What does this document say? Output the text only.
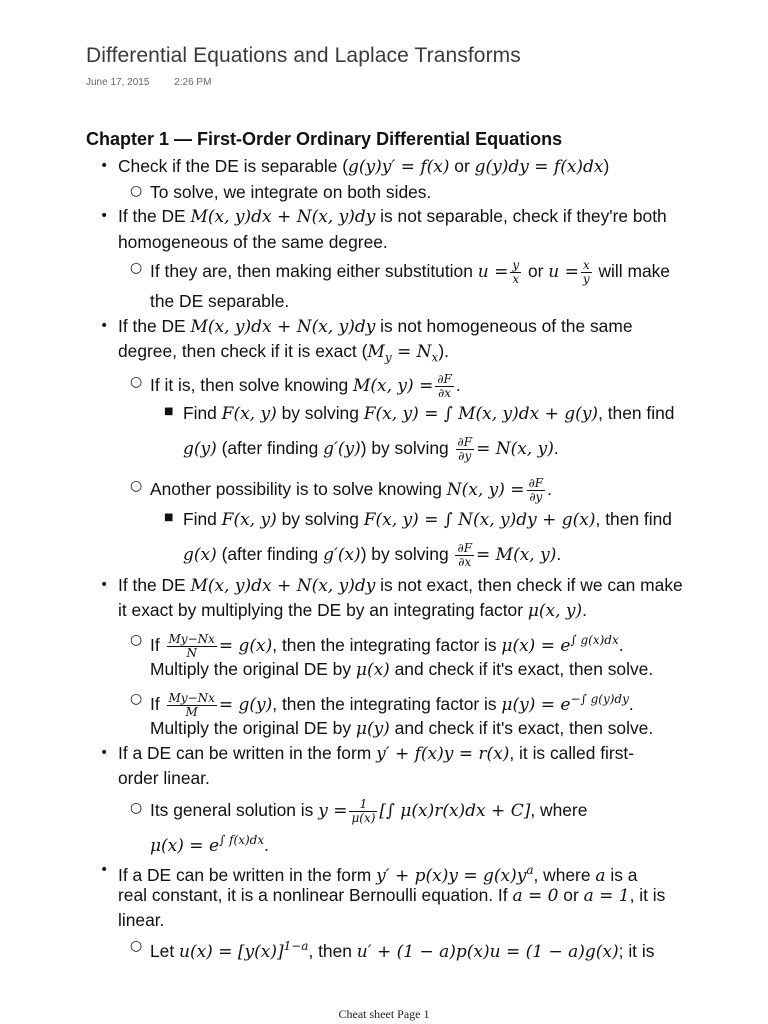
Differential Equations and Laplace Transforms
June 17, 2015 2:26 PM
Chapter 1 — First-Order Ordinary Differential Equations
• Check if the DE is separable (g(y)y′ = f(x) or g(y)dy = f(x)dx)
○ To solve, we integrate on both sides.
• If the DE M(x, y)dx + N(x, y)dy is not separable, check if they're both
homogeneous of the same degree.
○ If they are, then making either substitution $u = \frac{y}{x}$ or $u = \frac{x}{y}$ will make
the DE separable.
• If the DE M(x, y)dx + N(x, y)dy is not homogeneous of the same
degree, then check if it is exact $(M_y = N_x)$.
○ If it is, then solve knowing M(x, $y) = \frac{\partial F}{\partial x}$ .
■ Find F(x, y) by solving F(x, y) = ∫ M(x, y)dx + g(y), then find
g(y) (after finding g′(y)) by solving $\frac{\partial F}{\partial y} = N(x$, y).
○ Another possibility is to solve knowing N(x, $y) = \frac{\partial F}{\partial y}$ .
■ Find F(x, y) by solving F(x, y) = ∫ N(x, y)dy + g(x), then find
g(x) (after finding g′(x)) by solving $\frac{\partial F}{\partial x} = M(x$, y).
• If the DE M(x, y)dx + N(x, y)dy is not exact, then check if we can make
it exact by multiplying the DE by an integrating factor μ(x, y).
○ If $\frac{My-Nx}{N} = g(x)$, then the integrating factor is $\mu(x) = e^{\int g(x)dx}$.
Multiply the original DE by μ(x) and check if it's exact, then solve.
○ If $\frac{My-Nx}{M} = g(y)$, then the integrating factor is $\mu(y) = e^{-\int g(y)dy}$.
Multiply the original DE by μ(y) and check if it's exact, then solve.
• If a DE can be written in the form y′ + f(x)y = r(x), it is called first-
order linear.
○ Its general solution is $y = \frac{1}{\mu(x)}$ [∫ μ(x)r(x)dx + C], where
$\mu(x) = e^{\int f(x)dx}$.
• If a DE can be written in the form $y' + p(x)y = g(x)y^a$, where a is a
real constant, it is a nonlinear Bernoulli equation. If a = 0 or a = 1, it is
linear.
○ Let $u(x) = [y(x)]^{1-a}$, then u′ + (1 − a)p(x)u = (1 − a)g(x); it is
Cheat sheet Page 1
